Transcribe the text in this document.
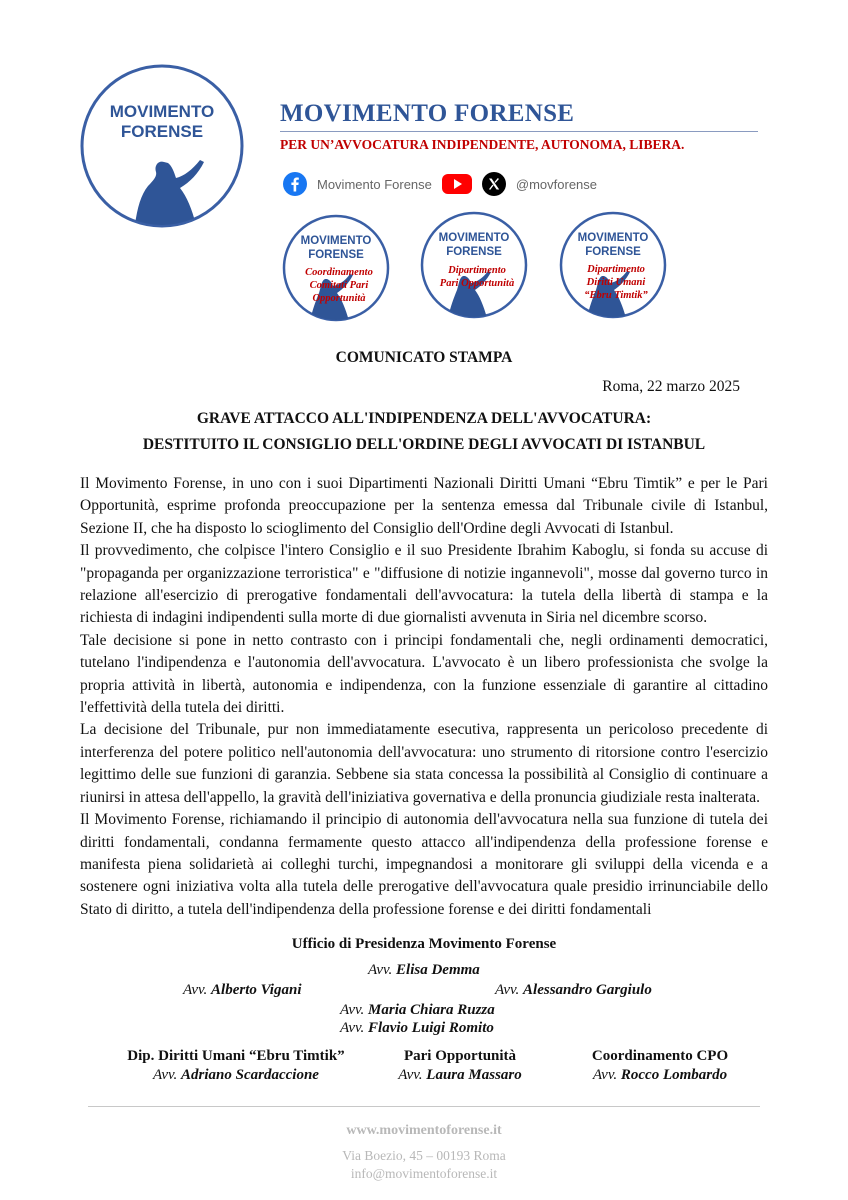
MOVIMENTO
FORENSE
MOVIMENTO FORENSE
PER UN’AVVOCATURA INDIPENDENTE, AUTONOMA, LIBERA.
Movimento Forense	@movforense
MOVIMENTO
FORENSE
Coordinamento
Comitati Pari
Opportunità
MOVIMENTO
FORENSE
Dipartimento
Pari Opportunità
MOVIMENTO
FORENSE
Dipartimento
Diritti Umani
“Ebru Timtik”
COMUNICATO STAMPA
Roma, 22 marzo 2025
GRAVE ATTACCO ALL'INDIPENDENZA DELL'AVVOCATURA:
DESTITUITO IL CONSIGLIO DELL'ORDINE DEGLI AVVOCATI DI ISTANBUL

Il Movimento Forense, in uno con i suoi Dipartimenti Nazionali Diritti Umani “Ebru Timtik” e per le Pari Opportunità, esprime profonda preoccupazione per la sentenza emessa dal Tribunale civile di Istanbul, Sezione II, che ha disposto lo scioglimento del Consiglio dell'Ordine degli Avvocati di Istanbul.

Il provvedimento, che colpisce l'intero Consiglio e il suo Presidente Ibrahim Kaboglu, si fonda su accuse di "propaganda per organizzazione terroristica" e "diffusione di notizie ingannevoli", mosse dal governo turco in relazione all'esercizio di prerogative fondamentali dell'avvocatura: la tutela della libertà di stampa e la richiesta di indagini indipendenti sulla morte di due giornalisti avvenuta in Siria nel dicembre scorso.

Tale decisione si pone in netto contrasto con i principi fondamentali che, negli ordinamenti democratici, tutelano l'indipendenza e l'autonomia dell'avvocatura. L'avvocato è un libero professionista che svolge la propria attività in libertà, autonomia e indipendenza, con la funzione essenziale di garantire al cittadino l'effettività della tutela dei diritti.

La decisione del Tribunale, pur non immediatamente esecutiva, rappresenta un pericoloso precedente di interferenza del potere politico nell'autonomia dell'avvocatura: uno strumento di ritorsione contro l'esercizio legittimo delle sue funzioni di garanzia. Sebbene sia stata concessa la possibilità al Consiglio di continuare a riunirsi in attesa dell'appello, la gravità dell'iniziativa governativa e della pronuncia giudiziale resta inalterata.

Il Movimento Forense, richiamando il principio di autonomia dell'avvocatura nella sua funzione di tutela dei diritti fondamentali, condanna fermamente questo attacco all'indipendenza della professione forense e manifesta piena solidarietà ai colleghi turchi, impegnandosi a monitorare gli sviluppi della vicenda e a sostenere ogni iniziativa volta alla tutela delle prerogative dell'avvocatura quale presidio irrinunciabile dello Stato di diritto, a tutela dell'indipendenza della professione forense e dei diritti fondamentali

Ufficio di Presidenza Movimento Forense
Avv. Elisa Demma
Avv. Alberto Vigani	Avv. Alessandro Gargiulo
Avv. Maria Chiara Ruzza
Avv. Flavio Luigi Romito
Dip. Diritti Umani “Ebru Timtik”
Avv. Adriano Scardaccione
Pari Opportunità
Avv. Laura Massaro
Coordinamento CPO
Avv. Rocco Lombardo
www.movimentoforense.it
Via Boezio, 45 – 00193 Roma
info@movimentoforense.it
